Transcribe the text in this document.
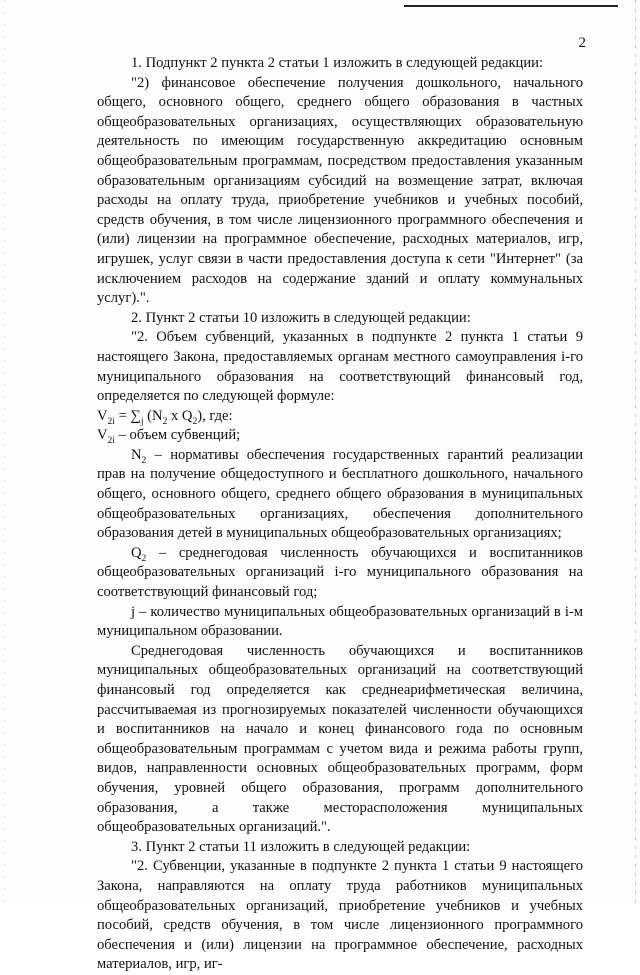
2

1. Подпункт 2 пункта 2 статьи 1 изложить в следующей редакции:

"2) финансовое обеспечение получения дошкольного, начального общего, основного общего, среднего общего образования в частных общеобразовательных организациях, осуществляющих образовательную деятельность по имеющим государственную аккредитацию основным общеобразовательным программам, посредством предоставления указанным образовательным организациям субсидий на возмещение затрат, включая расходы на оплату труда, приобретение учебников и учебных пособий, средств обучения, в том числе лицензионного программного обеспечения и (или) лицензии на программное обеспечение, расходных материалов, игр, игрушек, услуг связи в части предоставления доступа к сети "Интернет" (за исключением расходов на содержание зданий и оплату коммунальных услуг).".

2. Пункт 2 статьи 10 изложить в следующей редакции:

"2. Объем субвенций, указанных в подпункте 2 пункта 1 статьи 9 настоящего Закона, предоставляемых органам местного самоуправления i-го муниципального образования на соответствующий финансовый год, определяется по следующей формуле:

$V_{2i} = \sum_j$ ($N_2$ x $Q_2$), где:

$V_{2i}$ – объем субвенций;

$N_2$ – нормативы обеспечения государственных гарантий реализации прав на получение общедоступного и бесплатного дошкольного, начального общего, основного общего, среднего общего образования в муниципальных общеобразовательных организациях, обеспечения дополнительного образования детей в муниципальных общеобразовательных организациях;

$Q_2$ – среднегодовая численность обучающихся и воспитанников общеобразовательных организаций i-го муниципального образования на соответствующий финансовый год;

j – количество муниципальных общеобразовательных организаций в i-м муниципальном образовании.

Среднегодовая численность обучающихся и воспитанников муниципальных общеобразовательных организаций на соответствующий финансовый год определяется как среднеарифметическая величина, рассчитываемая из прогнозируемых показателей численности обучающихся и воспитанников на начало и конец финансового года по основным общеобразовательным программам с учетом вида и режима работы групп, видов, направленности основных общеобразовательных программ, форм обучения, уровней общего образования, программ дополнительного образования, а также месторасположения муниципальных общеобразовательных организаций.".

3. Пункт 2 статьи 11 изложить в следующей редакции:

"2. Субвенции, указанные в подпункте 2 пункта 1 статьи 9 настоящего Закона, направляются на оплату труда работников муниципальных общеобразовательных организаций, приобретение учебников и учебных пособий, средств обучения, в том числе лицензионного программного обеспечения и (или) лицензии на программное обеспечение, расходных материалов, игр, иг-
